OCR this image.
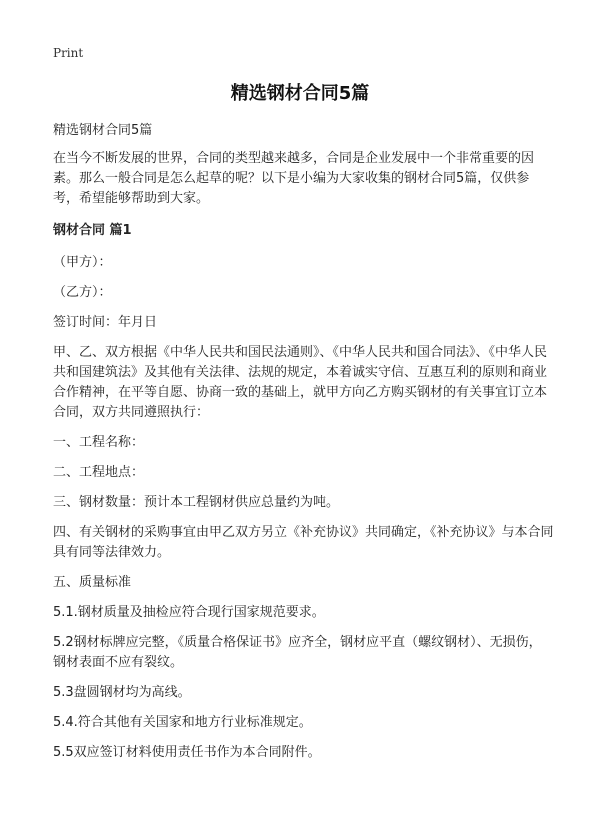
Print
精选钢材合同5篇

精选钢材合同5篇

在当今不断发展的世界，合同的类型越来越多，合同是企业发展中一个非常重要的因素。那么一般合同是怎么起草的呢？以下是小编为大家收集的钢材合同5篇，仅供参考，希望能够帮助到大家。

钢材合同 篇1

（甲方）：

（乙方）：

签订时间：年月日

甲、乙、双方根据《中华人民共和国民法通则》、《中华人民共和国合同法》、《中华人民共和国建筑法》及其他有关法律、法规的规定，本着诚实守信、互惠互利的原则和商业合作精神，在平等自愿、协商一致的基础上，就甲方向乙方购买钢材的有关事宜订立本合同，双方共同遵照执行：

一、工程名称：

二、工程地点：

三、钢材数量：预计本工程钢材供应总量约为吨。

四、有关钢材的采购事宜由甲乙双方另立《补充协议》共同确定，《补充协议》与本合同具有同等法律效力。

五、质量标准

5.1.钢材质量及抽检应符合现行国家规范要求。

5.2钢材标牌应完整，《质量合格保证书》应齐全，钢材应平直（螺纹钢材）、无损伤，钢材表面不应有裂纹。

5.3盘圆钢材均为高线。

5.4.符合其他有关国家和地方行业标准规定。

5.5双应签订材料使用责任书作为本合同附件。
